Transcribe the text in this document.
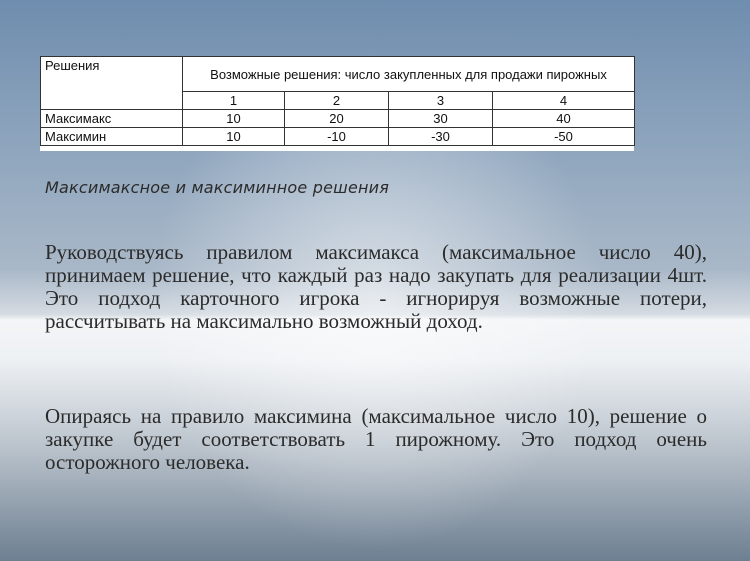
Решения	Возможные решения: число закупленных для продажи пирожных			
	1	2	3	4
Максимакс	10	20	30	40
Максимин	10	-10	-30	-50

Максимаксное и максиминное решения

Руководствуясь правилом максимакса (максимальное число 40), принимаем решение, что каждый раз надо закупать для реализации 4шт. Это подход карточного игрока - игнорируя возможные потери, рассчитывать на максимально возможный доход.

Опираясь на правило максимина (максимальное число 10), решение о закупке будет соответствовать 1 пирожному. Это подход очень осторожного человека.
